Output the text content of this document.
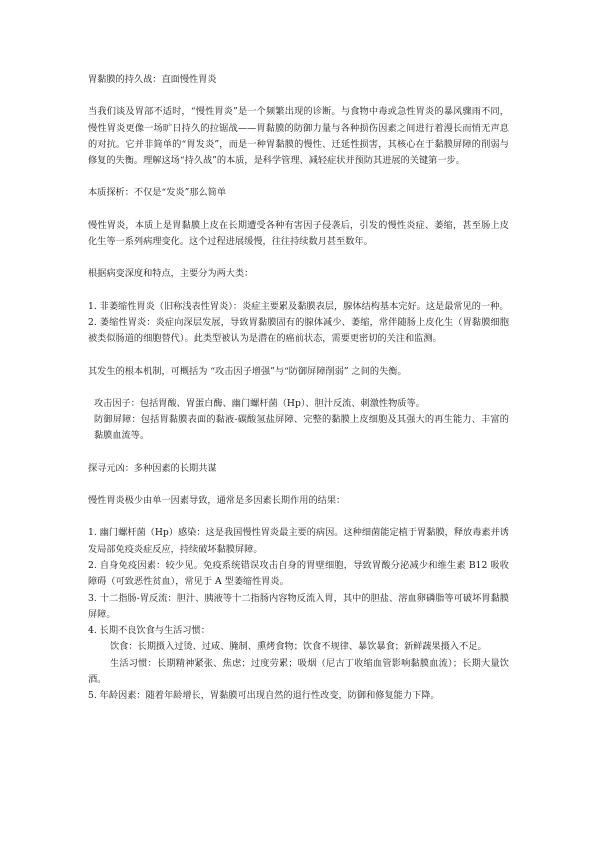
胃黏膜的持久战：直面慢性胃炎

当我们谈及胃部不适时，“慢性胃炎”是一个频繁出现的诊断。与食物中毒或急性胃炎的暴风骤雨不同，慢性胃炎更像一场旷日持久的拉锯战——胃黏膜的防御力量与各种损伤因素之间进行着漫长而悄无声息的对抗。它并非简单的“胃发炎”，而是一种胃黏膜的慢性、迁延性损害，其核心在于黏膜屏障的削弱与修复的失衡。理解这场“持久战”的本质，是科学管理、减轻症状并预防其进展的关键第一步。

本质探析：不仅是“发炎”那么简单

慢性胃炎，本质上是胃黏膜上皮在长期遭受各种有害因子侵袭后，引发的慢性炎症、萎缩，甚至肠上皮化生等一系列病理变化。这个过程进展缓慢，往往持续数月甚至数年。

根据病变深度和特点，主要分为两大类：

1. 非萎缩性胃炎（旧称浅表性胃炎）：炎症主要累及黏膜表层，腺体结构基本完好。这是最常见的一种。

2. 萎缩性胃炎：炎症向深层发展，导致胃黏膜固有的腺体减少、萎缩，常伴随肠上皮化生（胃黏膜细胞被类似肠道的细胞替代）。此类型被认为是潜在的癌前状态，需要更密切的关注和监测。

其发生的根本机制，可概括为 “攻击因子增强”与“防御屏障削弱” 之间的失衡。

攻击因子：包括胃酸、胃蛋白酶、幽门螺杆菌（Hp）、胆汁反流、刺激性物质等。

防御屏障：包括胃黏膜表面的黏液-碳酸氢盐屏障、完整的黏膜上皮细胞及其强大的再生能力、丰富的黏膜血流等。

探寻元凶：多种因素的长期共谋

慢性胃炎极少由单一因素导致，通常是多因素长期作用的结果：

1. 幽门螺杆菌（Hp）感染：这是我国慢性胃炎最主要的病因。这种细菌能定植于胃黏膜，释放毒素并诱发局部免疫炎症反应，持续破坏黏膜屏障。

2. 自身免疫因素：较少见。免疫系统错误攻击自身的胃壁细胞，导致胃酸分泌减少和维生素 B12 吸收障碍（可致恶性贫血），常见于 A 型萎缩性胃炎。

3. 十二指肠-胃反流：胆汁、胰液等十二指肠内容物反流入胃，其中的胆盐、溶血卵磷脂等可破坏胃黏膜屏障。

4. 长期不良饮食与生活习惯：

饮食：长期摄入过烫、过咸、腌制、熏烤食物；饮食不规律、暴饮暴食；新鲜蔬果摄入不足。

生活习惯：长期精神紧张、焦虑；过度劳累；吸烟（尼古丁收缩血管影响黏膜血流）；长期大量饮酒。

5. 年龄因素：随着年龄增长，胃黏膜可出现自然的退行性改变，防御和修复能力下降。
